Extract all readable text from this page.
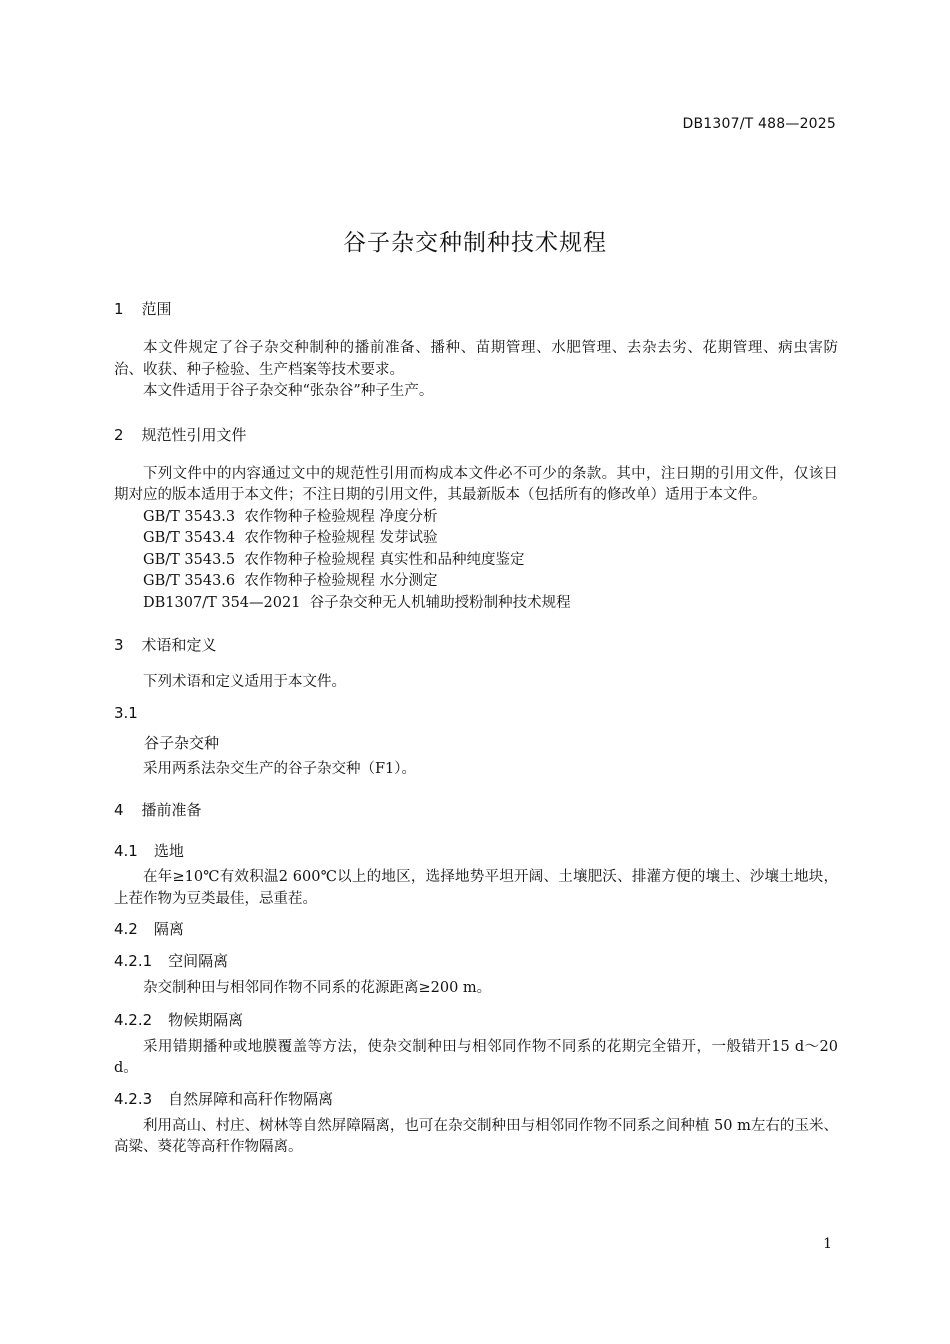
DB1307/T 488—2025
谷子杂交种制种技术规程
1 范围
本文件规定了谷子杂交种制种的播前准备、播种、苗期管理、水肥管理、去杂去劣、花期管理、病虫害防治、收获、种子检验、生产档案等技术要求。
本文件适用于谷子杂交种“张杂谷”种子生产。
2 规范性引用文件
下列文件中的内容通过文中的规范性引用而构成本文件必不可少的条款。其中，注日期的引用文件，仅该日期对应的版本适用于本文件；不注日期的引用文件，其最新版本（包括所有的修改单）适用于本文件。
GB/T 3543.3  农作物种子检验规程 净度分析
GB/T 3543.4  农作物种子检验规程 发芽试验
GB/T 3543.5  农作物种子检验规程 真实性和品种纯度鉴定
GB/T 3543.6  农作物种子检验规程 水分测定
DB1307/T 354—2021  谷子杂交种无人机辅助授粉制种技术规程
3 术语和定义
下列术语和定义适用于本文件。
3.1
谷子杂交种
采用两系法杂交生产的谷子杂交种（F1）。
4 播前准备
4.1 选地
在年≥10℃有效积温2 600℃以上的地区，选择地势平坦开阔、土壤肥沃、排灌方便的壤土、沙壤土地块，上茬作物为豆类最佳，忌重茬。
4.2 隔离
4.2.1 空间隔离
杂交制种田与相邻同作物不同系的花源距离≥200 m。
4.2.2 物候期隔离
采用错期播种或地膜覆盖等方法，使杂交制种田与相邻同作物不同系的花期完全错开，一般错开15 d～20 d。
4.2.3 自然屏障和高秆作物隔离
利用高山、村庄、树林等自然屏障隔离，也可在杂交制种田与相邻同作物不同系之间种植 50 m左右的玉米、高粱、葵花等高秆作物隔离。
1
